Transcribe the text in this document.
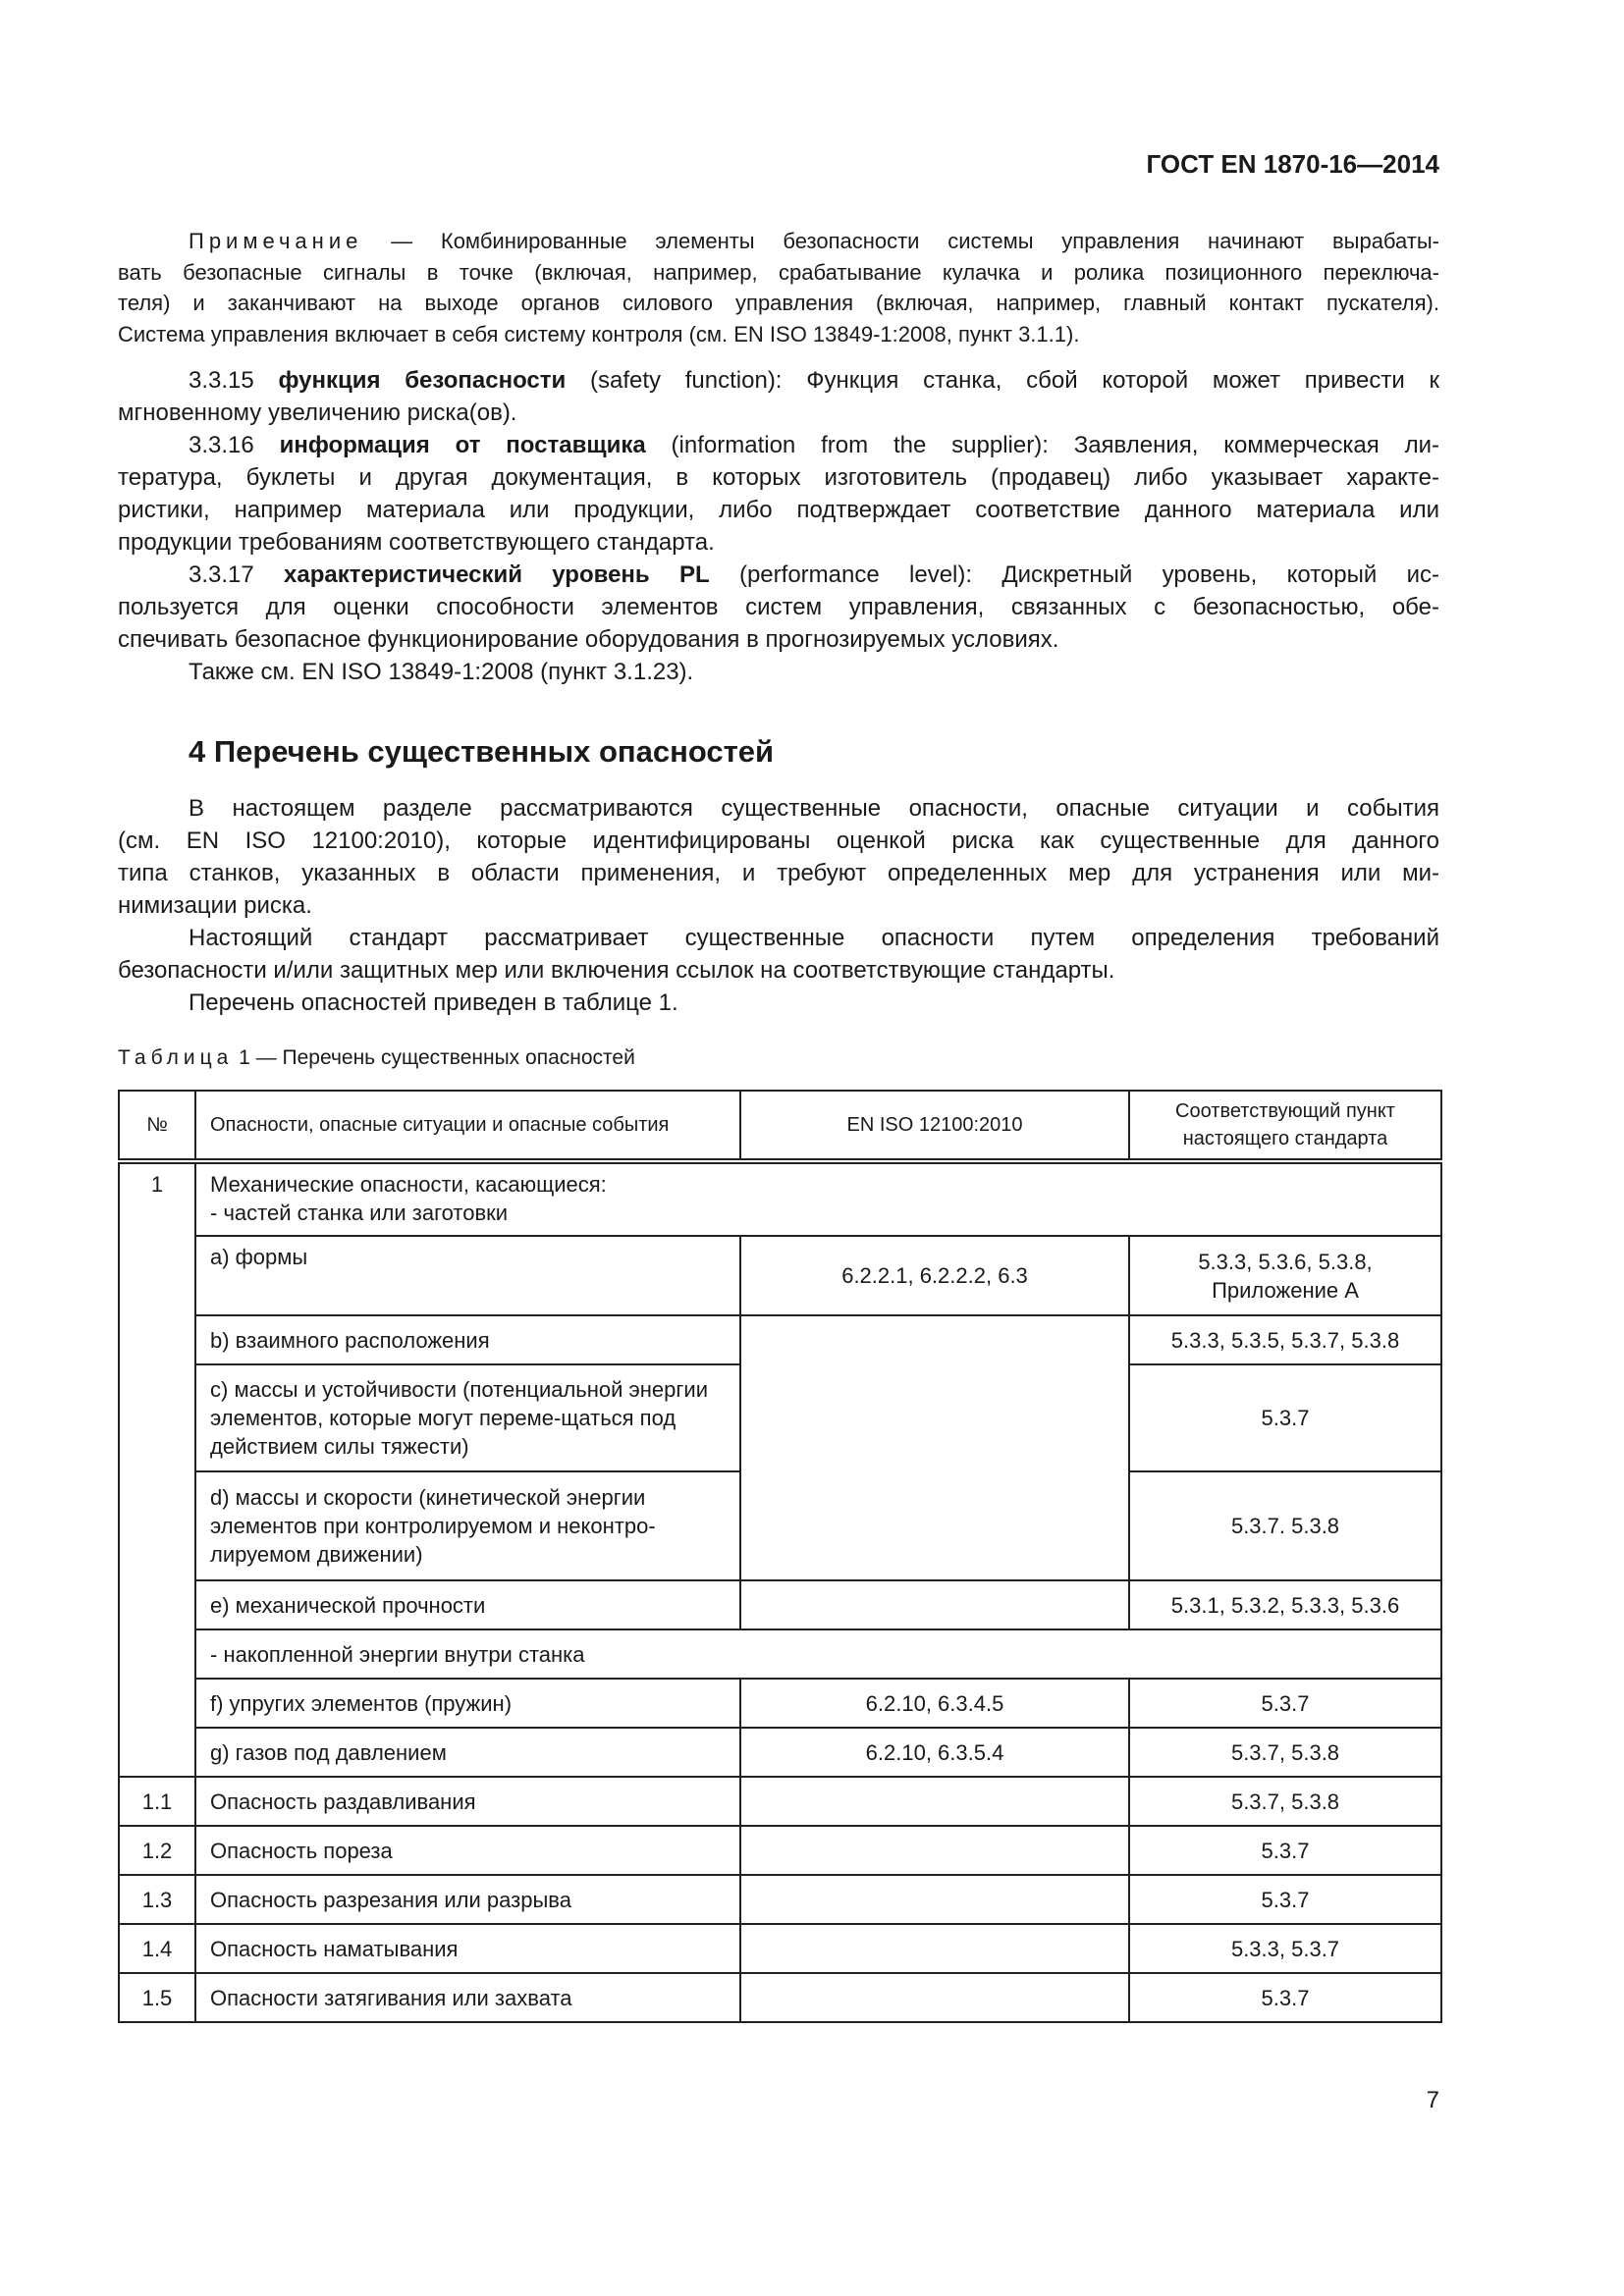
ГОСТ EN 1870-16—2014
Примечание — Комбинированные элементы безопасности системы управления начинают вырабаты-
вать безопасные сигналы в точке (включая, например, срабатывание кулачка и ролика позиционного переключа-
теля) и заканчивают на выходе органов силового управления (включая, например, главный контакт пускателя).
Система управления включает в себя систему контроля (см. EN ISO 13849-1:2008, пункт 3.1.1).
3.3.15 функция безопасности (safety function): Функция станка, сбой которой может привести к
мгновенному увеличению риска(ов).
3.3.16 информация от поставщика (information from the supplier): Заявления, коммерческая ли-
тература, буклеты и другая документация, в которых изготовитель (продавец) либо указывает характе-
ристики, например материала или продукции, либо подтверждает соответствие данного материала или
продукции требованиям соответствующего стандарта.
3.3.17 характеристический уровень PL (performance level): Дискретный уровень, который ис-
пользуется для оценки способности элементов систем управления, связанных с безопасностью, обе-
спечивать безопасное функционирование оборудования в прогнозируемых условиях.
Также см. EN ISO 13849-1:2008 (пункт 3.1.23).
4 Перечень существенных опасностей
В настоящем разделе рассматриваются существенные опасности, опасные ситуации и события
(см. EN ISO 12100:2010), которые идентифицированы оценкой риска как существенные для данного
типа станков, указанных в области применения, и требуют определенных мер для устранения или ми-
нимизации риска.
Настоящий стандарт рассматривает существенные опасности путем определения требований
безопасности и/или защитных мер или включения ссылок на соответствующие стандарты.
Перечень опасностей приведен в таблице 1.
Таблица 1 — Перечень существенных опасностей
№	Опасности, опасные ситуации и опасные события	EN ISO 12100:2010	Соответствующий пункт настоящего стандарта
1	Механические опасности, касающиеся:
- частей станка или заготовки		

	a) формы	6.2.2.1, 6.2.2.2, 6.3	5.3.3, 5.3.6, 5.3.8, Приложение A
	b) взаимного расположения		5.3.3, 5.3.5, 5.3.7, 5.3.8
	c) массы и устойчивости (потенциальной энергии элементов, которые могут переме-щаться под действием силы тяжести)		5.3.7
	d) массы и скорости (кинетической энергии элементов при контролируемом и неконтро-лируемом движении)		5.3.7. 5.3.8
	e) механической прочности		5.3.1, 5.3.2, 5.3.3, 5.3.6
	- накопленной энергии внутри станка		
	f) упругих элементов (пружин)	6.2.10, 6.3.4.5	5.3.7
	g) газов под давлением	6.2.10, 6.3.5.4	5.3.7, 5.3.8

1.1	Опасность раздавливания		5.3.7, 5.3.8
1.2	Опасность пореза		5.3.7
1.3	Опасность разрезания или разрыва		5.3.7
1.4	Опасность наматывания		5.3.3, 5.3.7
1.5	Опасности затягивания или захвата		5.3.7
7
